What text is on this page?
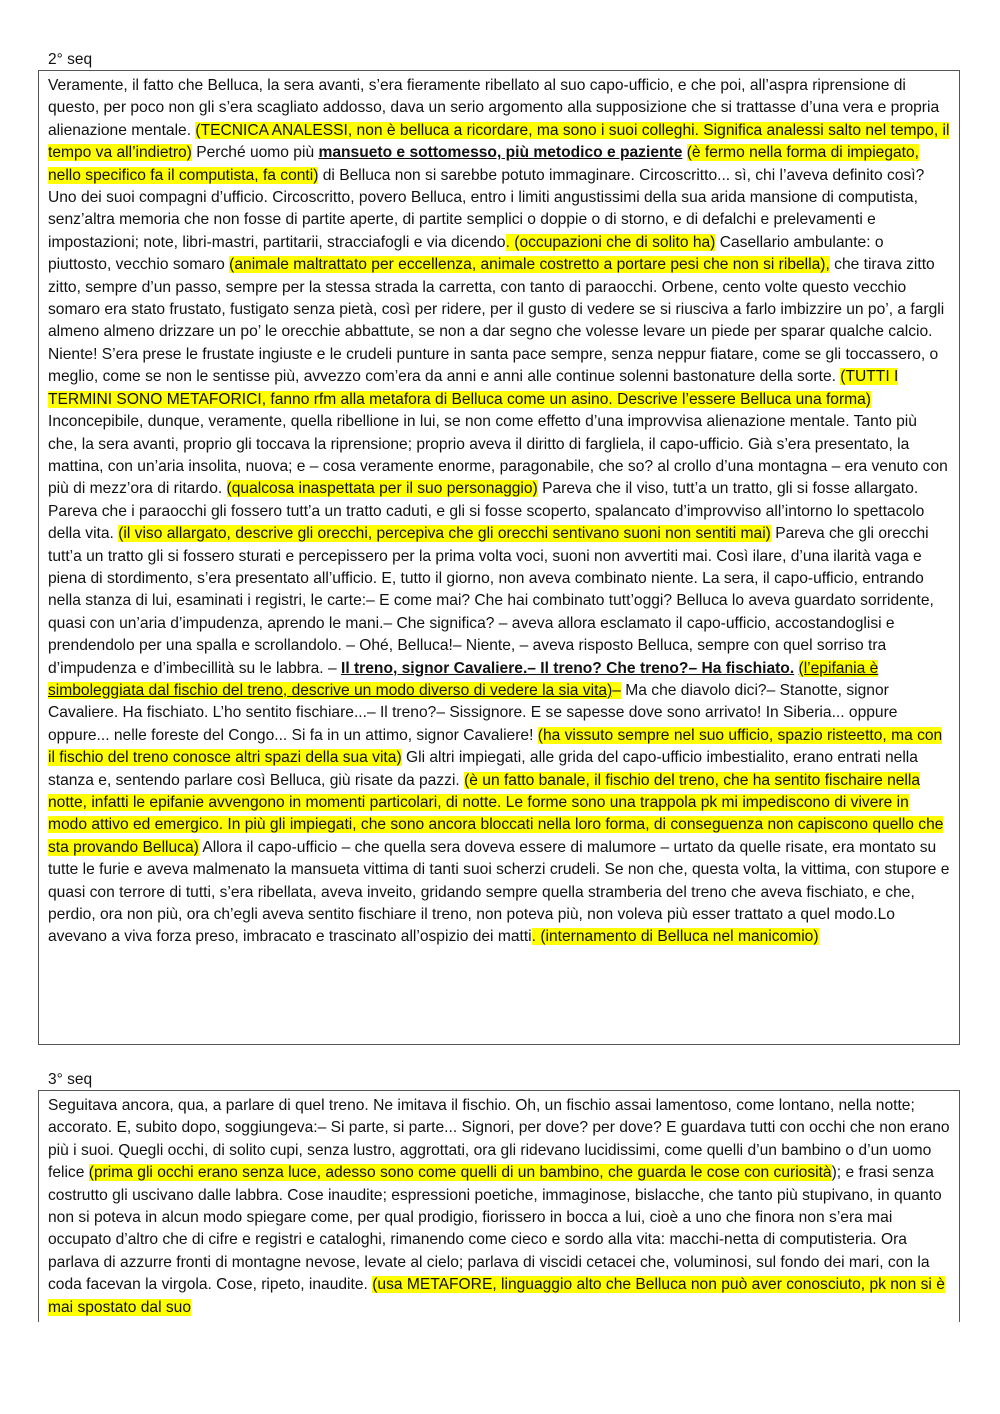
2° seq
Veramente, il fatto che Belluca, la sera avanti, s’era fieramente ribellato al suo capo-ufficio, e che poi, all’aspra riprensione di questo, per poco non gli s’era scagliato addosso, dava un serio argomento alla supposizione che si trattasse d’una vera e propria alienazione mentale. (TECNICA ANALESSI, non è belluca a ricordare, ma sono i suoi colleghi. Significa analessi salto nel tempo, il tempo va all’indietro) Perché uomo più mansueto e sottomesso, più metodico e paziente (è fermo nella forma di impiegato, nello specifico fa il computista, fa conti) di Belluca non si sarebbe potuto immaginare. Circoscritto... sì, chi l’aveva definito così? Uno dei suoi compagni d’ufficio. Circoscritto, povero Belluca, entro i limiti angustissimi della sua arida mansione di computista, senz’altra memoria che non fosse di partite aperte, di partite semplici o doppie o di storno, e di defalchi e prelevamenti e impostazioni; note, libri-mastri, partitarii, stracciafogli e via dicendo. (occupazioni che di solito ha) Casellario ambulante: o piuttosto, vecchio somaro (animale maltrattato per eccellenza, animale costretto a portare pesi che non si ribella), che tirava zitto zitto, sempre d’un passo, sempre per la stessa strada la carretta, con tanto di paraocchi. Orbene, cento volte questo vecchio somaro era stato frustato, fustigato senza pietà, così per ridere, per il gusto di vedere se si riusciva a farlo imbizzire un po’, a fargli almeno almeno drizzare un po’ le orecchie abbattute, se non a dar segno che volesse levare un piede per sparar qualche calcio. Niente! S’era prese le frustate ingiuste e le crudeli punture in santa pace sempre, senza neppur fiatare, come se gli toccassero, o meglio, come se non le sentisse più, avvezzo com’era da anni e anni alle continue solenni bastonature della sorte. (TUTTI I TERMINI SONO METAFORICI, fanno rfm alla metafora di Belluca come un asino. Descrive l’essere Belluca una forma) Inconcepibile, dunque, veramente, quella ribellione in lui, se non come effetto d’una improvvisa alienazione mentale. Tanto più che, la sera avanti, proprio gli toccava la riprensione; proprio aveva il diritto di fargliela, il capo-ufficio. Già s’era presentato, la mattina, con un’aria insolita, nuova; e – cosa veramente enorme, paragonabile, che so? al crollo d’una montagna – era venuto con più di mezz’ora di ritardo. (qualcosa inaspettata per il suo personaggio) Pareva che il viso, tutt’a un tratto, gli si fosse allargato. Pareva che i paraocchi gli fossero tutt’a un tratto caduti, e gli si fosse scoperto, spalancato d’improvviso all’intorno lo spettacolo della vita. (il viso allargato, descrive gli orecchi, percepiva che gli orecchi sentivano suoni non sentiti mai) Pareva che gli orecchi tutt’a un tratto gli si fossero sturati e percepissero per la prima volta voci, suoni non avvertiti mai. Così ilare, d’una ilarità vaga e piena di stordimento, s’era presentato all’ufficio. E, tutto il giorno, non aveva combinato niente. La sera, il capo-ufficio, entrando nella stanza di lui, esaminati i registri, le carte:– E come mai? Che hai combinato tutt’oggi? Belluca lo aveva guardato sorridente, quasi con un’aria d’impudenza, aprendo le mani.– Che significa? – aveva allora esclamato il capo-ufficio, accostandoglisi e prendendolo per una spalla e scrollandolo. – Ohé, Belluca!– Niente, – aveva risposto Belluca, sempre con quel sorriso tra d’impudenza e d’imbecillità su le labbra. – Il treno, signor Cavaliere.– Il treno? Che treno?– Ha fischiato. (l’epifania è simboleggiata dal fischio del treno, descrive un modo diverso di vedere la sia vita)– Ma che diavolo dici?– Stanotte, signor Cavaliere. Ha fischiato. L’ho sentito fischiare...– Il treno?– Sissignore. E se sapesse dove sono arrivato! In Siberia... oppure oppure... nelle foreste del Congo... Si fa in un attimo, signor Cavaliere! (ha vissuto sempre nel suo ufficio, spazio risteetto, ma con il fischio del treno conosce altri spazi della sua vita) Gli altri impiegati, alle grida del capo-ufficio imbestialito, erano entrati nella stanza e, sentendo parlare così Belluca, giù risate da pazzi. (è un fatto banale, il fischio del treno, che ha sentito fischaire nella notte, infatti le epifanie avvengono in momenti particolari, di notte. Le forme sono una trappola pk mi impediscono di vivere in modo attivo ed emergico. In più gli impiegati, che sono ancora bloccati nella loro forma, di conseguenza non capiscono quello che sta provando Belluca) Allora il capo-ufficio – che quella sera doveva essere di malumore – urtato da quelle risate, era montato su tutte le furie e aveva malmenato la mansueta vittima di tanti suoi scherzi crudeli. Se non che, questa volta, la vittima, con stupore e quasi con terrore di tutti, s’era ribellata, aveva inveito, gridando sempre quella stramberia del treno che aveva fischiato, e che, perdio, ora non più, ora ch’egli aveva sentito fischiare il treno, non poteva più, non voleva più esser trattato a quel modo.Lo avevano a viva forza preso, imbracato e trascinato all’ospizio dei matti. (internamento di Belluca nel manicomio)
3° seq
Seguitava ancora, qua, a parlare di quel treno. Ne imitava il fischio. Oh, un fischio assai lamentoso, come lontano, nella notte; accorato. E, subito dopo, soggiungeva:– Si parte, si parte... Signori, per dove? per dove? E guardava tutti con occhi che non erano più i suoi. Quegli occhi, di solito cupi, senza lustro, aggrottati, ora gli ridevano lucidissimi, come quelli d’un bambino o d’un uomo felice (prima gli occhi erano senza luce, adesso sono come quelli di un bambino, che guarda le cose con curiosità); e frasi senza costrutto gli uscivano dalle labbra. Cose inaudite; espressioni poetiche, immaginose, bislacche, che tanto più stupivano, in quanto non si poteva in alcun modo spiegare come, per qual prodigio, fiorissero in bocca a lui, cioè a uno che finora non s’era mai occupato d’altro che di cifre e registri e cataloghi, rimanendo come cieco e sordo alla vita: macchi-netta di computisteria. Ora parlava di azzurre fronti di montagne nevose, levate al cielo; parlava di viscidi cetacei che, voluminosi, sul fondo dei mari, con la coda facevan la virgola. Cose, ripeto, inaudite. (usa METAFORE, linguaggio alto che Belluca non può aver conosciuto, pk non si è mai spostato dal suo
